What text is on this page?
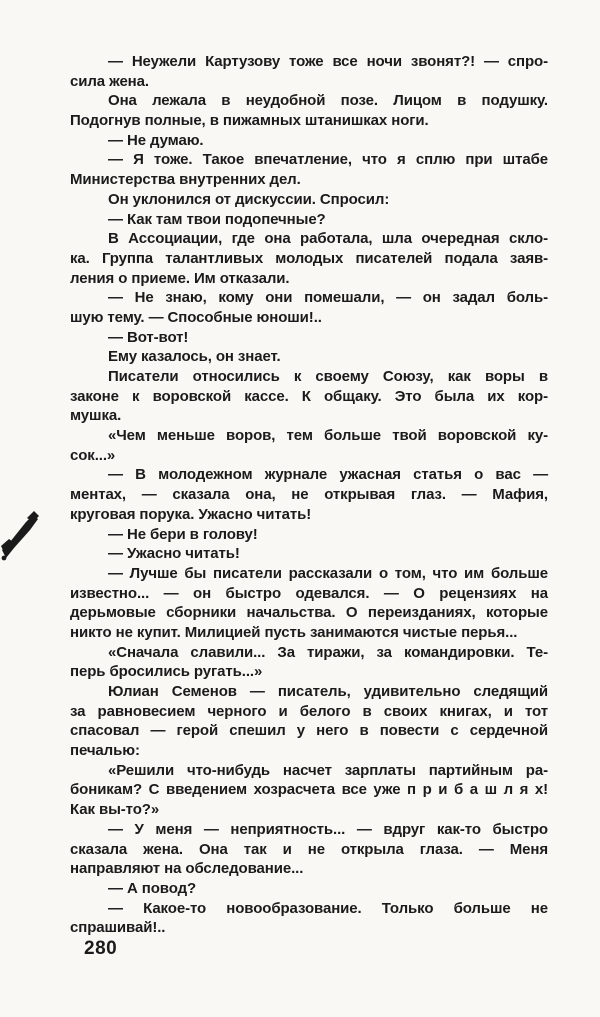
— Неужели Картузову тоже все ночи звонят?! — спро-
сила жена.
Она лежала в неудобной позе. Лицом в подушку.
Подогнув полные, в пижамных штанишках ноги.
— Не думаю.
— Я тоже. Такое впечатление, что я сплю при штабе
Министерства внутренних дел.
Он уклонился от дискуссии. Спросил:
— Как там твои подопечные?
В Ассоциации, где она работала, шла очередная скло-
ка. Группа талантливых молодых писателей подала заяв-
ления о приеме. Им отказали.
— Не знаю, кому они помешали, — он задал боль-
шую тему. — Способные юноши!..
— Вот-вот!
Ему казалось, он знает.
Писатели относились к своему Союзу, как воры в
законе к воровской кассе. К общаку. Это была их кор-
мушка.
«Чем меньше воров, тем больше твой воровской ку-
сок...»
— В молодежном журнале ужасная статья о вас —
ментах, — сказала она, не открывая глаз. — Мафия,
круговая порука. Ужасно читать!
— Не бери в голову!
— Ужасно читать!
— Лучше бы писатели рассказали о том, что им больше
известно... — он быстро одевался. — О рецензиях на
дерьмовые сборники начальства. О переизданиях, которые
никто не купит. Милицией пусть занимаются чистые перья...
«Сначала славили... За тиражи, за командировки. Те-
перь бросились ругать...»
Юлиан Семенов — писатель, удивительно следящий
за равновесием черного и белого в своих книгах, и тот
спасовал — герой спешил у него в повести с сердечной
печалью:
«Решили что-нибудь насчет зарплаты партийным ра-
боникам? С введением хозрасчета все уже п р и б а ш л я х!
Как вы-то?»
— У меня — неприятность... — вдруг как-то быстро
сказала жена. Она так и не открыла глаза. — Меня
направляют на обследование...
— А повод?
— Какое-то новообразование. Только больше не
спрашивай!..
280
